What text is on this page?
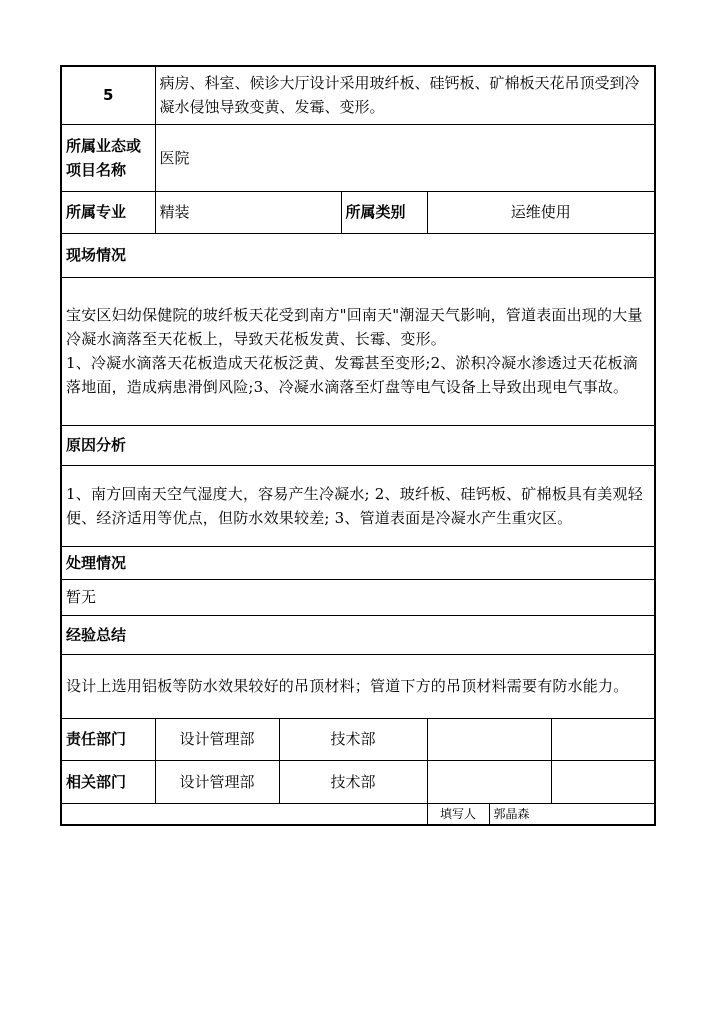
5	病房、科室、候诊大厅设计采用玻纤板、硅钙板、矿棉板天花吊顶受到冷凝水侵蚀导致变黄、发霉、变形。					
所属业态或项目名称	医院					
所属专业	精装		所属类别	运维使用		
现场情况						
宝安区妇幼保健院的玻纤板天花受到南方"回南天"潮湿天气影响，管道表面出现的大量冷凝水滴落至天花板上，导致天花板发黄、长霉、变形。
1、冷凝水滴落天花板造成天花板泛黄、发霉甚至变形;2、淤积冷凝水渗透过天花板滴落地面，造成病患滑倒风险;3、冷凝水滴落至灯盘等电气设备上导致出现电气事故。						
原因分析						
1、南方回南天空气湿度大，容易产生冷凝水; 2、玻纤板、硅钙板、矿棉板具有美观轻便、经济适用等优点，但防水效果较差; 3、管道表面是冷凝水产生重灾区。						
处理情况						
暂无						
经验总结						
设计上选用铝板等防水效果较好的吊顶材料；管道下方的吊顶材料需要有防水能力。						
责任部门	设计管理部	技术部				
相关部门	设计管理部	技术部				
				填写人	郭晶森	
